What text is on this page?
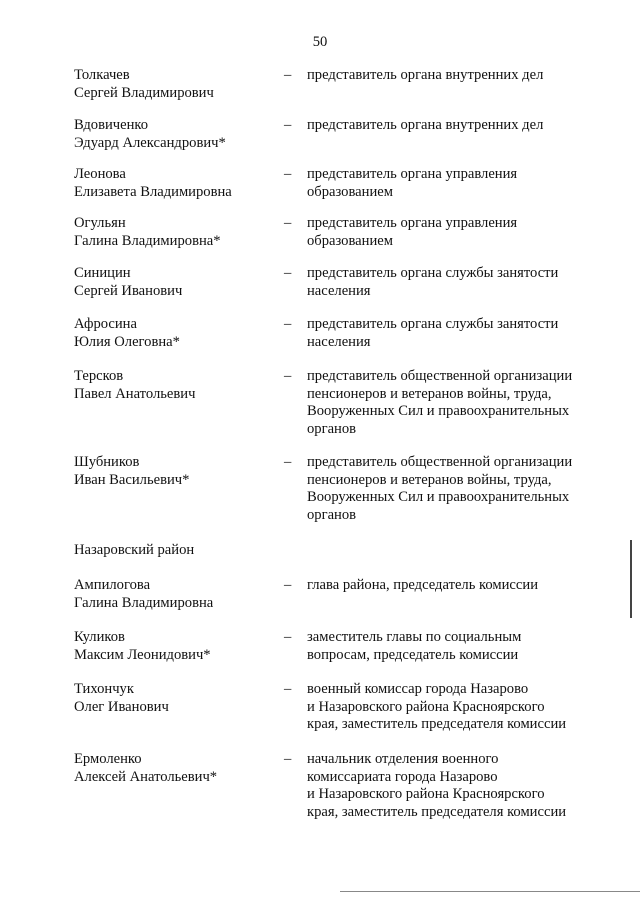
50
Толкачев
Сергей Владимирович
– представитель органа внутренних дел
Вдовиченко
Эдуард Александрович*
– представитель органа внутренних дел
Леонова
Елизавета Владимировна
– представитель органа управления
образованием
Огульян
Галина Владимировна*
– представитель органа управления
образованием
Синицин
Сергей Иванович
– представитель органа службы занятости
населения
Афросина
Юлия Олеговна*
– представитель органа службы занятости
населения
Терсков
Павел Анатольевич
– представитель общественной организации
пенсионеров и ветеранов войны, труда,
Вооруженных Сил и правоохранительных
органов
Шубников
Иван Васильевич*
– представитель общественной организации
пенсионеров и ветеранов войны, труда,
Вооруженных Сил и правоохранительных
органов
Назаровский район
Ампилогова
Галина Владимировна
– глава района, председатель комиссии
Куликов
Максим Леонидович*
– заместитель главы по социальным
вопросам, председатель комиссии
Тихончук
Олег Иванович
– военный комиссар города Назарово
и Назаровского района Красноярского
края, заместитель председателя комиссии
Ермоленко
Алексей Анатольевич*
– начальник отделения военного
комиссариата города Назарово
и Назаровского района Красноярского
края, заместитель председателя комиссии
